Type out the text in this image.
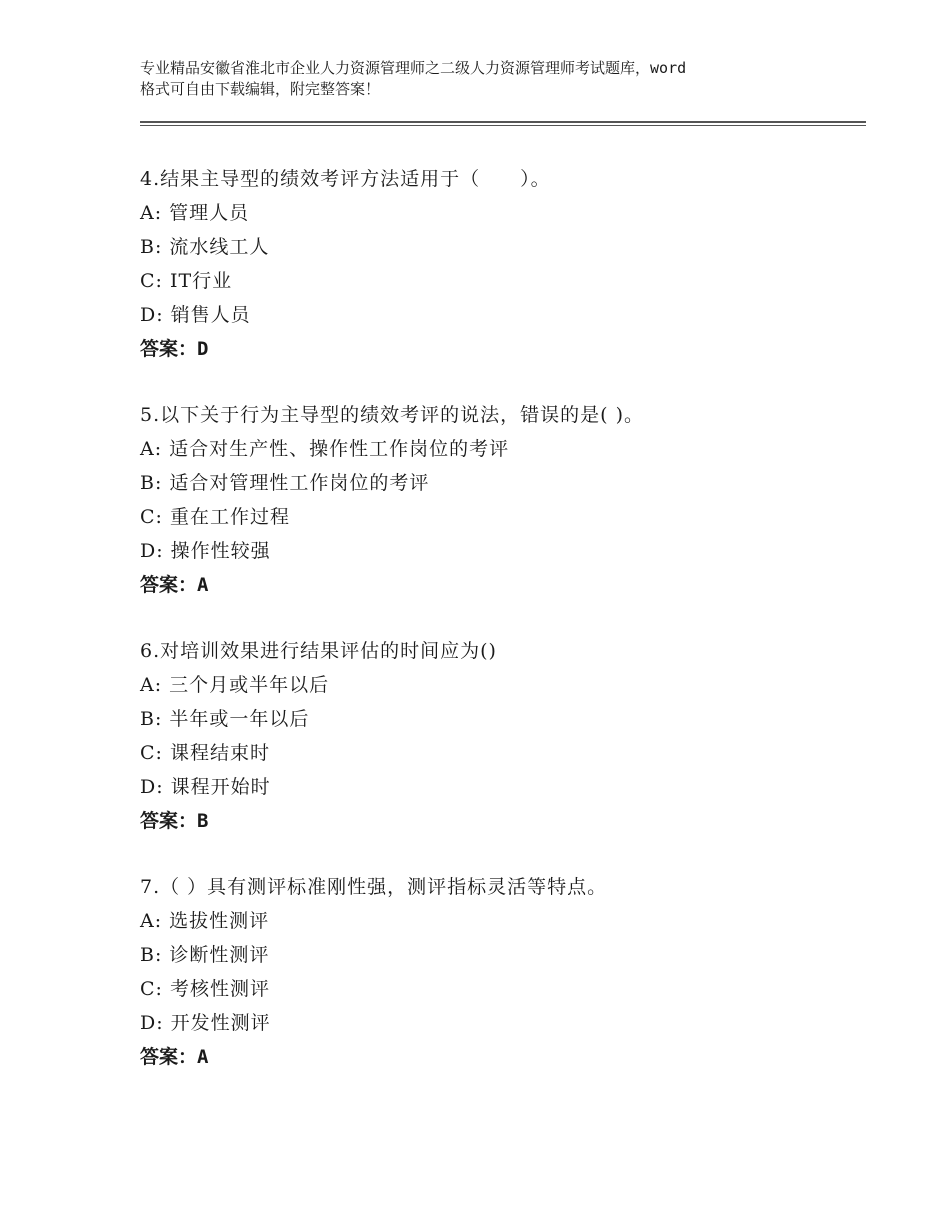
专业精品安徽省淮北市企业人力资源管理师之二级人力资源管理师考试题库，word
格式可自由下载编辑，附完整答案！
4.结果主导型的绩效考评方法适用于（　　）。
A: 管理人员
B: 流水线工人
C: IT行业
D: 销售人员
答案：D
5.以下关于行为主导型的绩效考评的说法，错误的是( )。
A: 适合对生产性、操作性工作岗位的考评
B: 适合对管理性工作岗位的考评
C: 重在工作过程
D: 操作性较强
答案：A
6.对培训效果进行结果评估的时间应为()
A: 三个月或半年以后
B: 半年或一年以后
C: 课程结束时
D: 课程开始时
答案：B
7.（ ）具有测评标准刚性强，测评指标灵活等特点。
A: 选拔性测评
B: 诊断性测评
C: 考核性测评
D: 开发性测评
答案：A
